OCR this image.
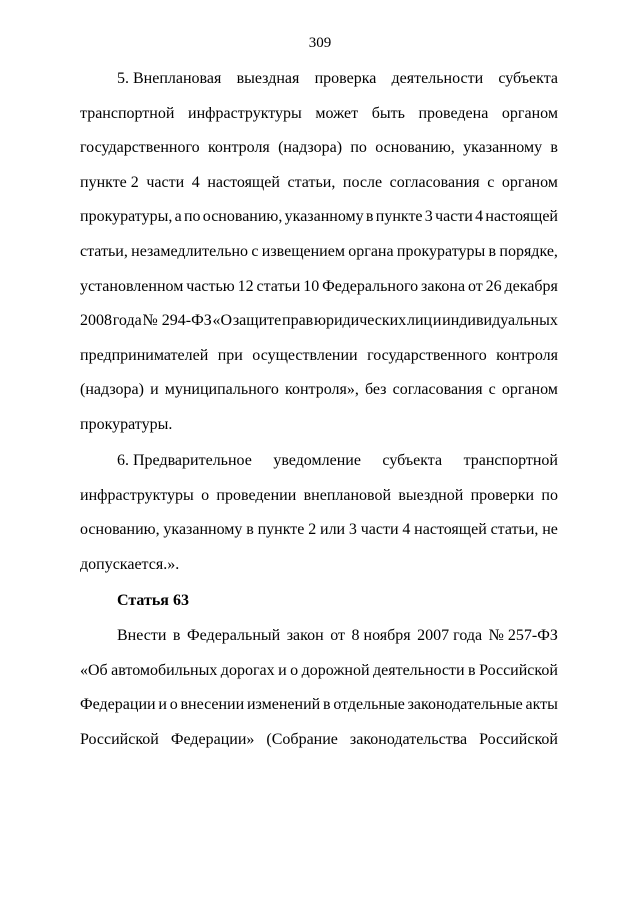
309
5. Внеплановая выездная проверка деятельности субъекта
транспортной инфраструктуры может быть проведена органом
государственного контроля (надзора) по основанию, указанному в
пункте 2 части 4 настоящей статьи, после согласования с органом
прокуратуры, а по основанию, указанному в пункте 3 части 4 настоящей
статьи, незамедлительно с извещением органа прокуратуры в порядке,
установленном частью 12 статьи 10 Федерального закона от 26 декабря
2008 года № 294-ФЗ «О защите прав юридических лиц и индивидуальных
предпринимателей при осуществлении государственного контроля
(надзора) и муниципального контроля», без согласования с органом
прокуратуры.
6. Предварительное уведомление субъекта транспортной
инфраструктуры о проведении внеплановой выездной проверки по
основанию, указанному в пункте 2 или 3 части 4 настоящей статьи, не
допускается.».
Статья 63
Внести в Федеральный закон от 8 ноября 2007 года № 257-ФЗ
«Об автомобильных дорогах и о дорожной деятельности в Российской
Федерации и о внесении изменений в отдельные законодательные акты
Российской Федерации» (Собрание законодательства Российской
